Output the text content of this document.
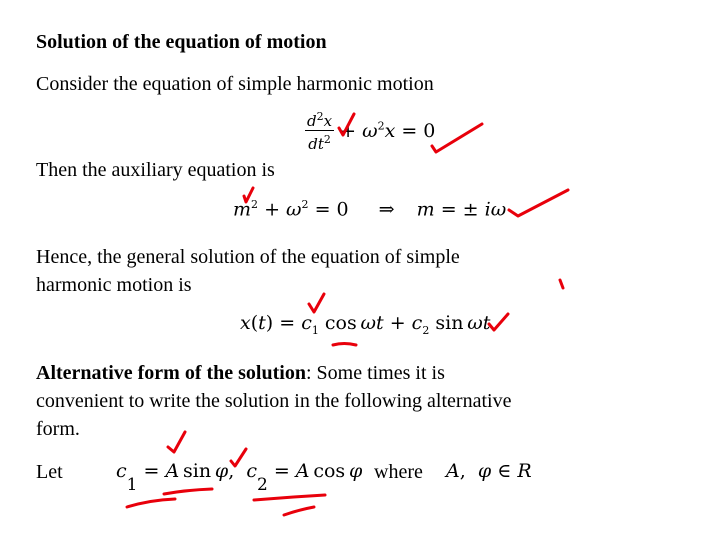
Solution of the equation of motion
Consider the equation of simple harmonic motion
$\frac{d^2x}{dt^2} + \omega^2x = 0$
Then the auxiliary equation is
$m^2 + \omega^2 = 0$ ⇒ m = ± iω
Hence, the general solution of the equation of simple
harmonic motion is
$x(t) = c_1$ $\cos \omega t + c_2$ sin ωt
Alternative form of the solution: Some times it is
convenient to write the solution in the following alternative
form.
Let	$c_1 = A$ sin φ,  $c_2 = A$ cos φ where A,  φ ∈ R
